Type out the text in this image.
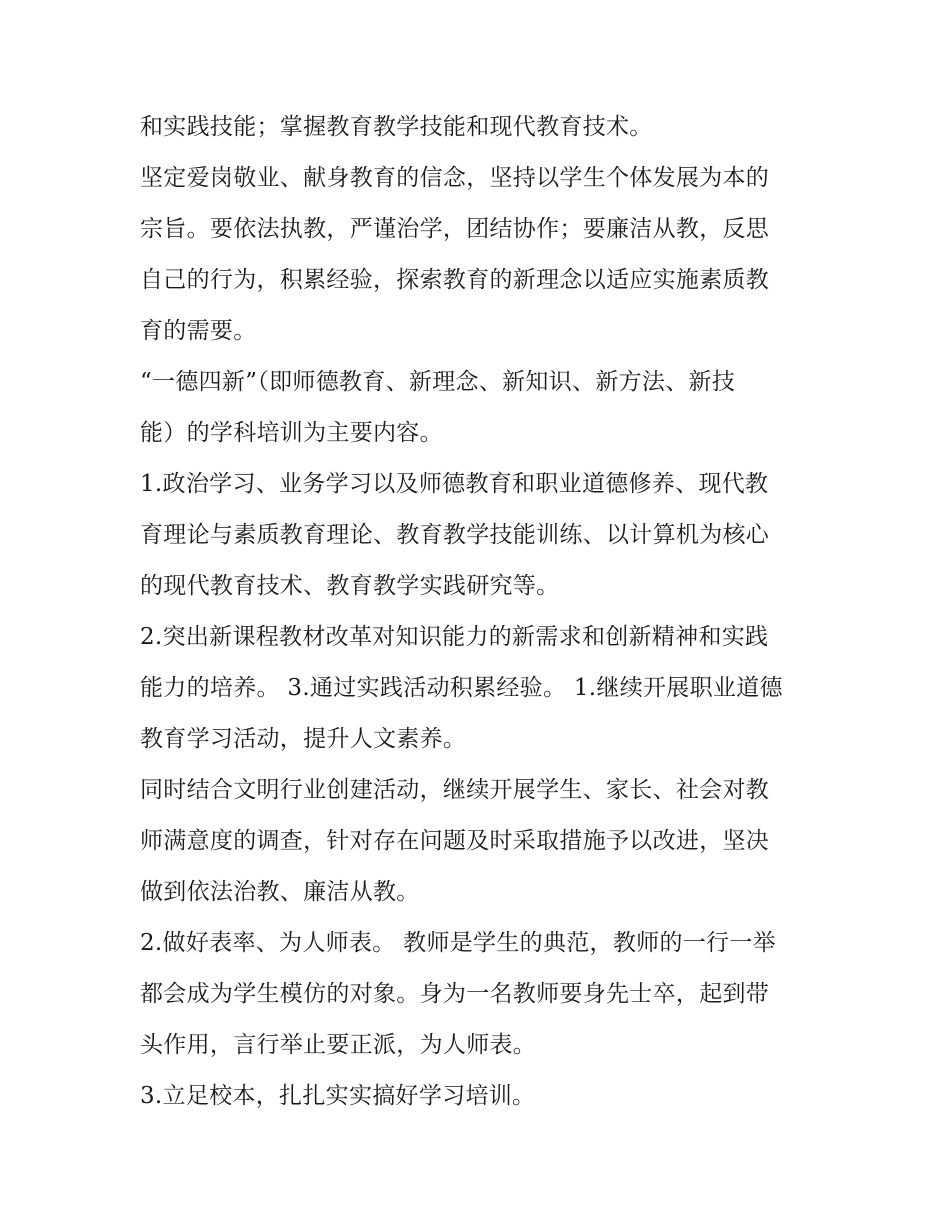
和实践技能；掌握教育教学技能和现代教育技术。

坚定爱岗敬业、献身教育的信念，坚持以学生个体发展为本的
宗旨。要依法执教，严谨治学，团结协作；要廉洁从教，反思
自己的行为，积累经验，探索教育的新理念以适应实施素质教
育的需要。

“一德四新”（即师德教育、新理念、新知识、新方法、新技
能）的学科培训为主要内容。

1.政治学习、业务学习以及师德教育和职业道德修养、现代教
育理论与素质教育理论、教育教学技能训练、以计算机为核心
的现代教育技术、教育教学实践研究等。

2.突出新课程教材改革对知识能力的新需求和创新精神和实践
能力的培养。 3.通过实践活动积累经验。 1.继续开展职业道德
教育学习活动，提升人文素养。

同时结合文明行业创建活动，继续开展学生、家长、社会对教
师满意度的调查，针对存在问题及时采取措施予以改进，坚决
做到依法治教、廉洁从教。

2.做好表率、为人师表。 教师是学生的典范，教师的一行一举
都会成为学生模仿的对象。身为一名教师要身先士卒，起到带
头作用，言行举止要正派，为人师表。

3.立足校本，扎扎实实搞好学习培训。
